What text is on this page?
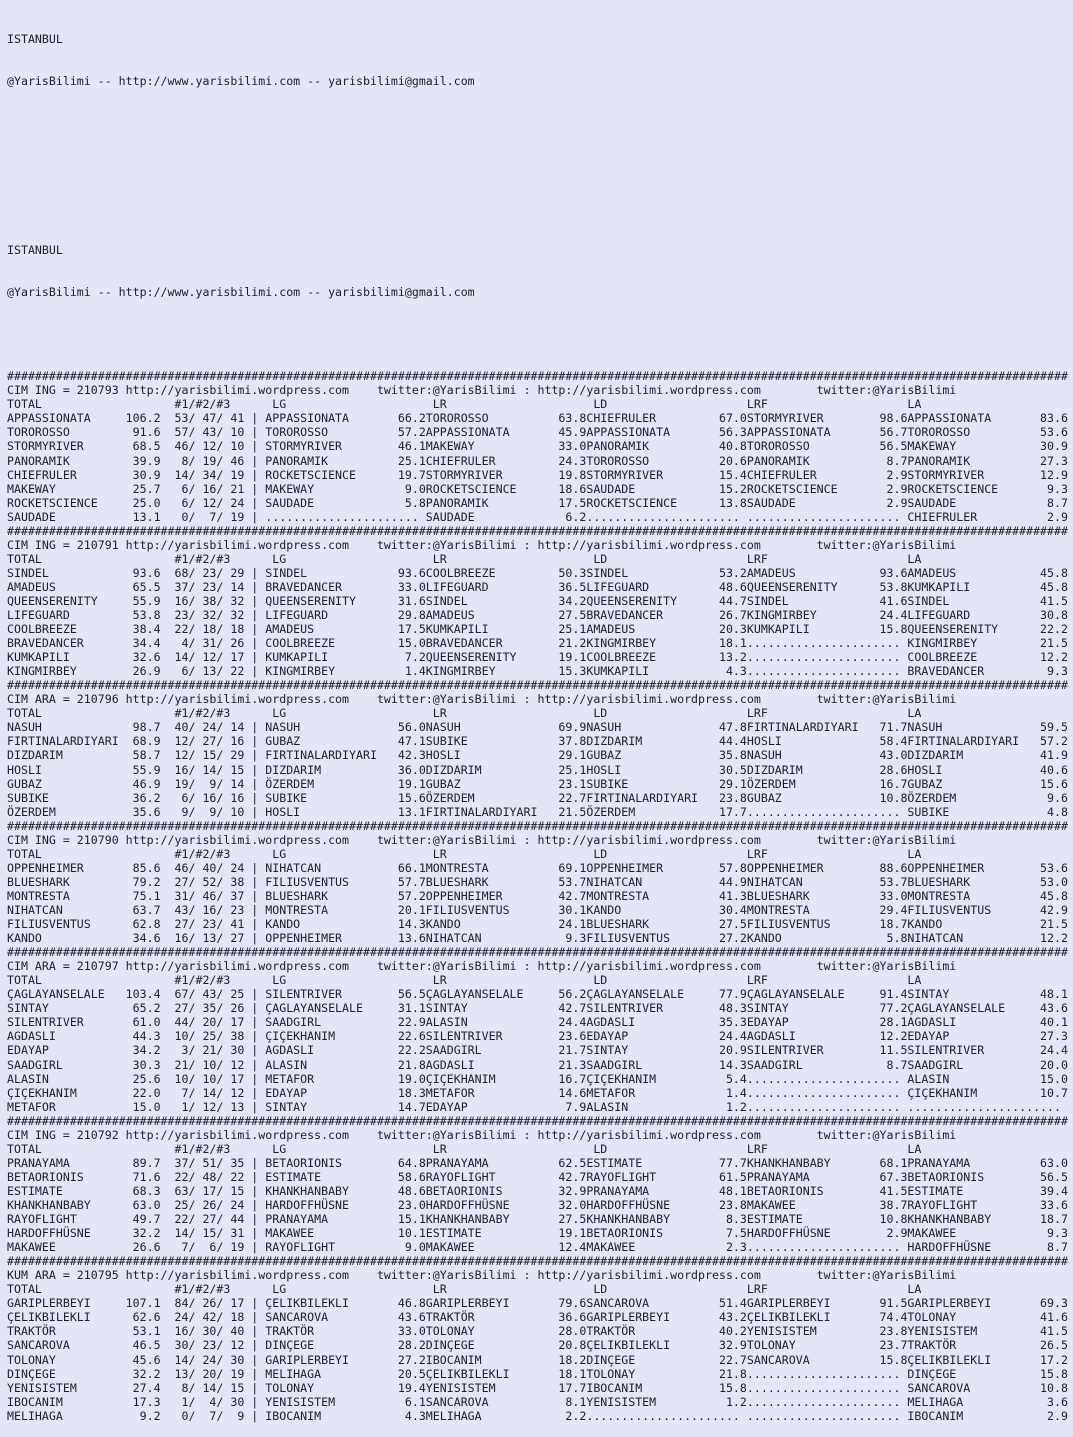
ISTANBUL

@YarisBilimi -- http://www.yarisbilimi.com -- yarisbilimi@gmail.com

ISTANBUL

@YarisBilimi -- http://www.yarisbilimi.com -- yarisbilimi@gmail.com

########################################################################################################################################################
CIM ING = 210793 http://yarisbilimi.wordpress.com    twitter:@YarisBilimi : http://yarisbilimi.wordpress.com        twitter:@YarisBilimi
TOTAL                   #1/#2/#3      LG                     LR                     LD                    LRF                    LA
APPASSIONATA     106.2  53/ 47/ 41 | APPASSIONATA       66.2TOROROSSO          63.8CHIEFRULER         67.0STORMYRIVER        98.6APPASSIONATA       83.6
TOROROSSO         91.6  57/ 43/ 10 | TOROROSSO          57.2APPASSIONATA       45.9APPASSIONATA       56.3APPASSIONATA       56.7TOROROSSO          53.6
STORMYRIVER       68.5  46/ 12/ 10 | STORMYRIVER        46.1MAKEWAY            33.0PANORAMIK          40.8TOROROSSO          56.5MAKEWAY            30.9
PANORAMIK         39.9   8/ 19/ 46 | PANORAMIK          25.1CHIEFRULER         24.3TOROROSSO          20.6PANORAMIK           8.7PANORAMIK          27.3
CHIEFRULER        30.9  14/ 34/ 19 | ROCKETSCIENCE      19.7STORMYRIVER        19.8STORMYRIVER        15.4CHIEFRULER          2.9STORMYRIVER        12.9
MAKEWAY           25.7   6/ 16/ 21 | MAKEWAY             9.0ROCKETSCIENCE      18.6SAUDADE            15.2ROCKETSCIENCE       2.9ROCKETSCIENCE       9.3
ROCKETSCIENCE     25.0   6/ 12/ 24 | SAUDADE             5.8PANORAMIK          17.5ROCKETSCIENCE      13.8SAUDADE             2.9SAUDADE             8.7
SAUDADE           13.1   0/  7/ 19 | ...................... SAUDADE             6.2...................... ...................... CHIEFRULER          2.9
########################################################################################################################################################
CIM ING = 210791 http://yarisbilimi.wordpress.com    twitter:@YarisBilimi : http://yarisbilimi.wordpress.com        twitter:@YarisBilimi
TOTAL                   #1/#2/#3      LG                     LR                     LD                    LRF                    LA
SINDEL            93.6  68/ 23/ 29 | SINDEL             93.6COOLBREEZE         50.3SINDEL             53.2AMADEUS            93.6AMADEUS            45.8
AMADEUS           65.5  37/ 23/ 14 | BRAVEDANCER        33.0LIFEGUARD          36.5LIFEGUARD          48.6QUEENSERENITY      53.8KUMKAPILI          45.8
QUEENSERENITY     55.9  16/ 38/ 32 | QUEENSERENITY      31.6SINDEL             34.2QUEENSERENITY      44.7SINDEL             41.6SINDEL             41.5
LIFEGUARD         53.8  23/ 32/ 32 | LIFEGUARD          29.8AMADEUS            27.5BRAVEDANCER        26.7KINGMIRBEY         24.4LIFEGUARD          30.8
COOLBREEZE        38.4  22/ 18/ 18 | AMADEUS            17.5KUMKAPILI          25.1AMADEUS            20.3KUMKAPILI          15.8QUEENSERENITY      22.2
BRAVEDANCER       34.4   4/ 31/ 26 | COOLBREEZE         15.0BRAVEDANCER        21.2KINGMIRBEY         18.1...................... KINGMIRBEY         21.5
KUMKAPILI         32.6  14/ 12/ 17 | KUMKAPILI           7.2QUEENSERENITY      19.1COOLBREEZE         13.2...................... COOLBREEZE         12.2
KINGMIRBEY        26.9   6/ 13/ 22 | KINGMIRBEY          1.4KINGMIRBEY         15.3KUMKAPILI           4.3...................... BRAVEDANCER         9.3
########################################################################################################################################################
CIM ARA = 210796 http://yarisbilimi.wordpress.com    twitter:@YarisBilimi : http://yarisbilimi.wordpress.com        twitter:@YarisBilimi
TOTAL                   #1/#2/#3      LG                     LR                     LD                    LRF                    LA
NASUH             98.7  40/ 24/ 14 | NASUH              56.0NASUH              69.9NASUH              47.8FIRTINALARDIYARI   71.7NASUH              59.5
FIRTINALARDIYARI  68.9  12/ 27/ 16 | GUBAZ              47.1SUBIKE             37.8DIZDARIM           44.4HOSLI              58.4FIRTINALARDIYARI   57.2
DIZDARIM          58.7  12/ 15/ 29 | FIRTINALARDIYARI   42.3HOSLI              29.1GUBAZ              35.8NASUH              43.0DIZDARIM           41.9
HOSLI             55.9  16/ 14/ 15 | DIZDARIM           36.0DIZDARIM           25.1HOSLI              30.5DIZDARIM           28.6HOSLI              40.6
GUBAZ             46.9  19/  9/ 14 | ÖZERDEM            19.1GUBAZ              23.1SUBIKE             29.1ÖZERDEM            16.7GUBAZ              15.6
SUBIKE            36.2   6/ 16/ 16 | SUBIKE             15.6ÖZERDEM            22.7FIRTINALARDIYARI   23.8GUBAZ              10.8ÖZERDEM             9.6
ÖZERDEM           35.6   9/  9/ 10 | HOSLI              13.1FIRTINALARDIYARI   21.5ÖZERDEM            17.7...................... SUBIKE              4.8
########################################################################################################################################################
CIM ING = 210790 http://yarisbilimi.wordpress.com    twitter:@YarisBilimi : http://yarisbilimi.wordpress.com        twitter:@YarisBilimi
TOTAL                   #1/#2/#3      LG                     LR                     LD                    LRF                    LA
OPPENHEIMER       85.6  46/ 40/ 24 | NIHATCAN           66.1MONTRESTA          69.1OPPENHEIMER        57.8OPPENHEIMER        88.6OPPENHEIMER        53.6
BLUESHARK         79.2  27/ 52/ 38 | FILIUSVENTUS       57.7BLUESHARK          53.7NIHATCAN           44.9NIHATCAN           53.7BLUESHARK          53.0
MONTRESTA         75.1  31/ 46/ 37 | BLUESHARK          57.2OPPENHEIMER        42.7MONTRESTA          41.3BLUESHARK          33.0MONTRESTA          45.8
NIHATCAN          63.7  43/ 16/ 23 | MONTRESTA          20.1FILIUSVENTUS       30.1KANDO              30.4MONTRESTA          29.4FILIUSVENTUS       42.9
FILIUSVENTUS      62.8  27/ 23/ 41 | KANDO              14.3KANDO              24.1BLUESHARK          27.5FILIUSVENTUS       18.7KANDO              21.5
KANDO             34.6  16/ 13/ 27 | OPPENHEIMER        13.6NIHATCAN            9.3FILIUSVENTUS       27.2KANDO               5.8NIHATCAN           12.2
########################################################################################################################################################
CIM ARA = 210797 http://yarisbilimi.wordpress.com    twitter:@YarisBilimi : http://yarisbilimi.wordpress.com        twitter:@YarisBilimi
TOTAL                   #1/#2/#3      LG                     LR                     LD                    LRF                    LA
ÇAGLAYANSELALE   103.4  67/ 43/ 25 | SILENTRIVER        56.5ÇAGLAYANSELALE     56.2ÇAGLAYANSELALE     77.9ÇAGLAYANSELALE     91.4SINTAY             48.1
SINTAY            65.2  27/ 35/ 26 | ÇAGLAYANSELALE     31.1SINTAY             42.7SILENTRIVER        48.3SINTAY             77.2ÇAGLAYANSELALE     43.6
SILENTRIVER       61.0  44/ 20/ 17 | SAADGIRL           22.9ALASIN             24.4AGDASLI            35.3EDAYAP             28.1AGDASLI            40.1
AGDASLI           44.3  10/ 25/ 38 | ÇIÇEKHANIM         22.6SILENTRIVER        23.6EDAYAP             24.4AGDASLI            12.2EDAYAP             27.3
EDAYAP            34.2   3/ 21/ 30 | AGDASLI            22.2SAADGIRL           21.7SINTAY             20.9SILENTRIVER        11.5SILENTRIVER        24.4
SAADGIRL          30.3  21/ 10/ 12 | ALASIN             21.8AGDASLI            21.3SAADGIRL           14.3SAADGIRL            8.7SAADGIRL           20.0
ALASIN            25.6  10/ 10/ 17 | METAFOR            19.0ÇIÇEKHANIM         16.7ÇIÇEKHANIM          5.4...................... ALASIN             15.0
ÇIÇEKHANIM        22.0   7/ 14/ 12 | EDAYAP             18.3METAFOR            14.6METAFOR             1.4...................... ÇIÇEKHANIM         10.7
METAFOR           15.0   1/ 12/ 13 | SINTAY             14.7EDAYAP              7.9ALASIN              1.2...................... ......................
########################################################################################################################################################
CIM ING = 210792 http://yarisbilimi.wordpress.com    twitter:@YarisBilimi : http://yarisbilimi.wordpress.com        twitter:@YarisBilimi
TOTAL                   #1/#2/#3      LG                     LR                     LD                    LRF                    LA
PRANAYAMA         89.7  37/ 51/ 35 | BETAORIONIS        64.8PRANAYAMA          62.5ESTIMATE           77.7KHANKHANBABY       68.1PRANAYAMA          63.0
BETAORIONIS       71.6  22/ 48/ 22 | ESTIMATE           58.6RAYOFLIGHT         42.7RAYOFLIGHT         61.5PRANAYAMA          67.3BETAORIONIS        56.5
ESTIMATE          68.3  63/ 17/ 15 | KHANKHANBABY       48.6BETAORIONIS        32.9PRANAYAMA          48.1BETAORIONIS        41.5ESTIMATE           39.4
KHANKHANBABY      63.0  25/ 26/ 24 | HARDOFFHÜSNE       23.0HARDOFFHÜSNE       32.0HARDOFFHÜSNE       23.8MAKAWEE            38.7RAYOFLIGHT         33.6
RAYOFLIGHT        49.7  22/ 27/ 44 | PRANAYAMA          15.1KHANKHANBABY       27.5KHANKHANBABY        8.3ESTIMATE           10.8KHANKHANBABY       18.7
HARDOFFHÜSNE      32.2  14/ 15/ 31 | MAKAWEE            10.1ESTIMATE           19.1BETAORIONIS         7.5HARDOFFHÜSNE        2.9MAKAWEE             9.3
MAKAWEE           26.6   7/  6/ 19 | RAYOFLIGHT          9.0MAKAWEE            12.4MAKAWEE             2.3...................... HARDOFFHÜSNE        8.7
########################################################################################################################################################
KUM ARA = 210795 http://yarisbilimi.wordpress.com    twitter:@YarisBilimi : http://yarisbilimi.wordpress.com        twitter:@YarisBilimi
TOTAL                   #1/#2/#3      LG                     LR                     LD                    LRF                    LA
GARIPLERBEYI     107.1  84/ 26/ 17 | ÇELIKBILEKLI       46.8GARIPLERBEYI       79.6SANCAROVA          51.4GARIPLERBEYI       91.5GARIPLERBEYI       69.3
ÇELIKBILEKLI      62.6  24/ 42/ 18 | SANCAROVA          43.6TRAKTÖR            36.6GARIPLERBEYI       43.2ÇELIKBILEKLI       74.4TOLONAY            41.6
TRAKTÖR           53.1  16/ 30/ 40 | TRAKTÖR            33.0TOLONAY            28.0TRAKTÖR            40.2YENISISTEM         23.8YENISISTEM         41.5
SANCAROVA         46.5  30/ 23/ 12 | DINÇEGE            28.2DINÇEGE            20.8ÇELIKBILEKLI       32.9TOLONAY            23.7TRAKTÖR            26.5
TOLONAY           45.6  14/ 24/ 30 | GARIPLERBEYI       27.2IBOCANIM           18.2DINÇEGE            22.7SANCAROVA          15.8ÇELIKBILEKLI       17.2
DINÇEGE           32.2  13/ 20/ 19 | MELIHAGA           20.5ÇELIKBILEKLI       18.1TOLONAY            21.8...................... DINÇEGE            15.8
YENISISTEM        27.4   8/ 14/ 15 | TOLONAY            19.4YENISISTEM         17.7IBOCANIM           15.8...................... SANCAROVA          10.8
IBOCANIM          17.3   1/  4/ 30 | YENISISTEM          6.1SANCAROVA           8.1YENISISTEM          1.2...................... MELIHAGA            3.6
MELIHAGA           9.2   0/  7/  9 | IBOCANIM            4.3MELIHAGA            2.2...................... ...................... IBOCANIM            2.9
